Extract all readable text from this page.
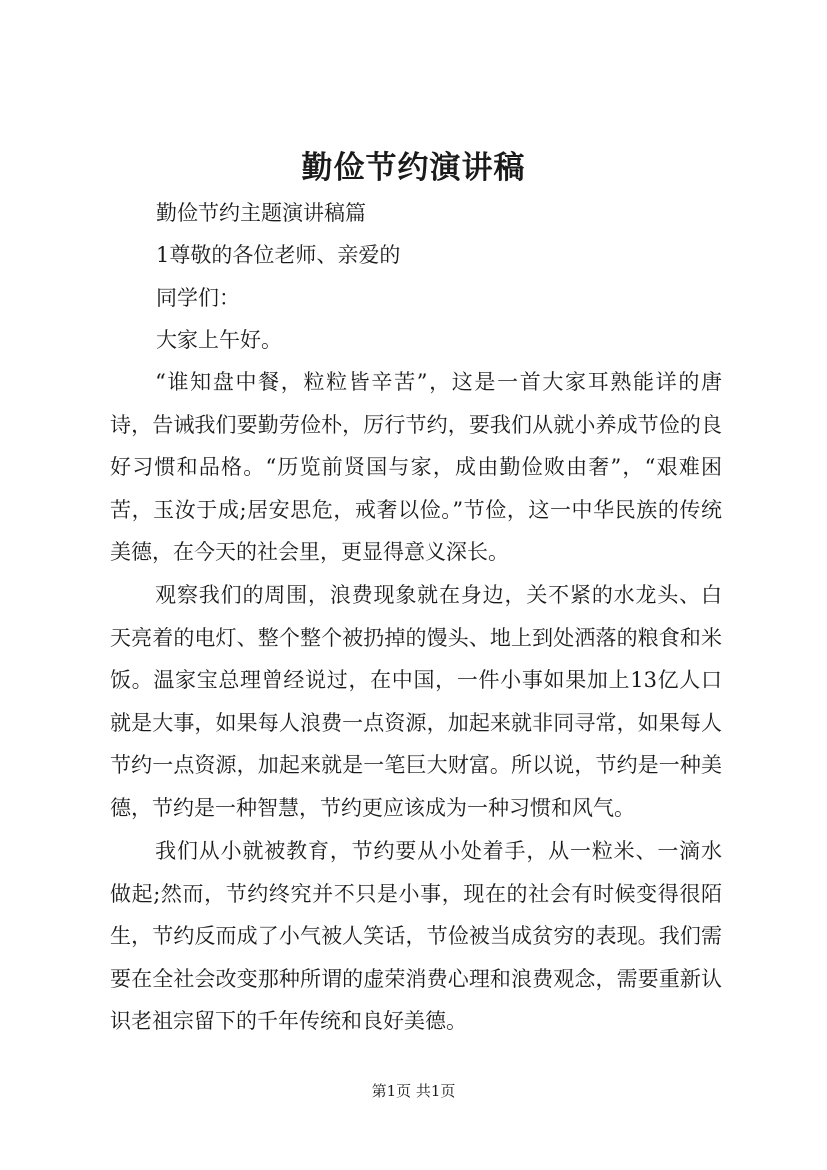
勤俭节约演讲稿

勤俭节约主题演讲稿篇

1尊敬的各位老师、亲爱的

同学们：

大家上午好。

“谁知盘中餐，粒粒皆辛苦”，这是一首大家耳熟能详的唐诗，告诫我们要勤劳俭朴，厉行节约，要我们从就小养成节俭的良好习惯和品格。“历览前贤国与家，成由勤俭败由奢”，“艰难困苦，玉汝于成;居安思危，戒奢以俭。”节俭，这一中华民族的传统美德，在今天的社会里，更显得意义深长。

观察我们的周围，浪费现象就在身边，关不紧的水龙头、白天亮着的电灯、整个整个被扔掉的馒头、地上到处洒落的粮食和米饭。温家宝总理曾经说过，在中国，一件小事如果加上13亿人口就是大事，如果每人浪费一点资源，加起来就非同寻常，如果每人节约一点资源，加起来就是一笔巨大财富。所以说，节约是一种美德，节约是一种智慧，节约更应该成为一种习惯和风气。

我们从小就被教育，节约要从小处着手，从一粒米、一滴水做起;然而，节约终究并不只是小事，现在的社会有时候变得很陌生，节约反而成了小气被人笑话，节俭被当成贫穷的表现。我们需要在全社会改变那种所谓的虚荣消费心理和浪费观念，需要重新认识老祖宗留下的千年传统和良好美德。

第1页 共1页
